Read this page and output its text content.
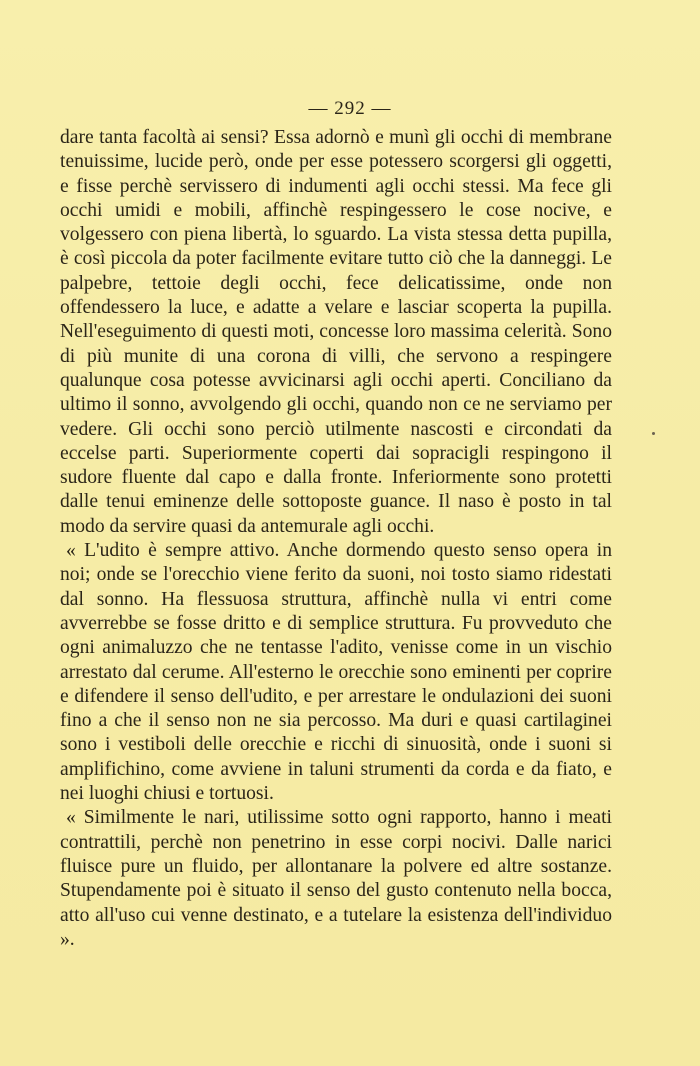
— 292 —

dare tanta facoltà ai sensi? Essa adornò e munì gli occhi di membrane tenuissime, lucide però, onde per esse potessero scorgersi gli oggetti, e fisse perchè servissero di indumenti agli occhi stessi. Ma fece gli occhi umidi e mobili, affinchè respingessero le cose nocive, e volgessero con piena libertà, lo sguardo. La vista stessa detta pupilla, è così piccola da poter facilmente evitare tutto ciò che la danneggi. Le palpebre, tettoie degli occhi, fece delicatissime, onde non offendessero la luce, e adatte a velare e lasciar scoperta la pupilla. Nell'eseguimento di questi moti, concesse loro massima celerità. Sono di più munite di una corona di villi, che servono a respingere qualunque cosa potesse avvicinarsi agli occhi aperti. Conciliano da ultimo il sonno, avvolgendo gli occhi, quando non ce ne serviamo per vedere. Gli occhi sono perciò utilmente nascosti e circondati da eccelse parti. Superiormente coperti dai sopracigli respingono il sudore fluente dal capo e dalla fronte. Inferiormente sono protetti dalle tenui eminenze delle sottoposte guance. Il naso è posto in tal modo da servire quasi da antemurale agli occhi.

« L'udito è sempre attivo. Anche dormendo questo senso opera in noi; onde se l'orecchio viene ferito da suoni, noi tosto siamo ridestati dal sonno. Ha flessuosa struttura, affinchè nulla vi entri come avverrebbe se fosse dritto e di semplice struttura. Fu provveduto che ogni animaluzzo che ne tentasse l'adito, venisse come in un vischio arrestato dal cerume. All'esterno le orecchie sono eminenti per coprire e difendere il senso dell'udito, e per arrestare le ondulazioni dei suoni fino a che il senso non ne sia percosso. Ma duri e quasi cartilaginei sono i vestiboli delle orecchie e ricchi di sinuosità, onde i suoni si amplifichino, come avviene in taluni strumenti da corda e da fiato, e nei luoghi chiusi e tortuosi.

« Similmente le nari, utilissime sotto ogni rapporto, hanno i meati contrattili, perchè non penetrino in esse corpi nocivi. Dalle narici fluisce pure un fluido, per allontanare la polvere ed altre sostanze. Stupendamente poi è situato il senso del gusto contenuto nella bocca, atto all'uso cui venne destinato, e a tutelare la esistenza dell'individuo ».
